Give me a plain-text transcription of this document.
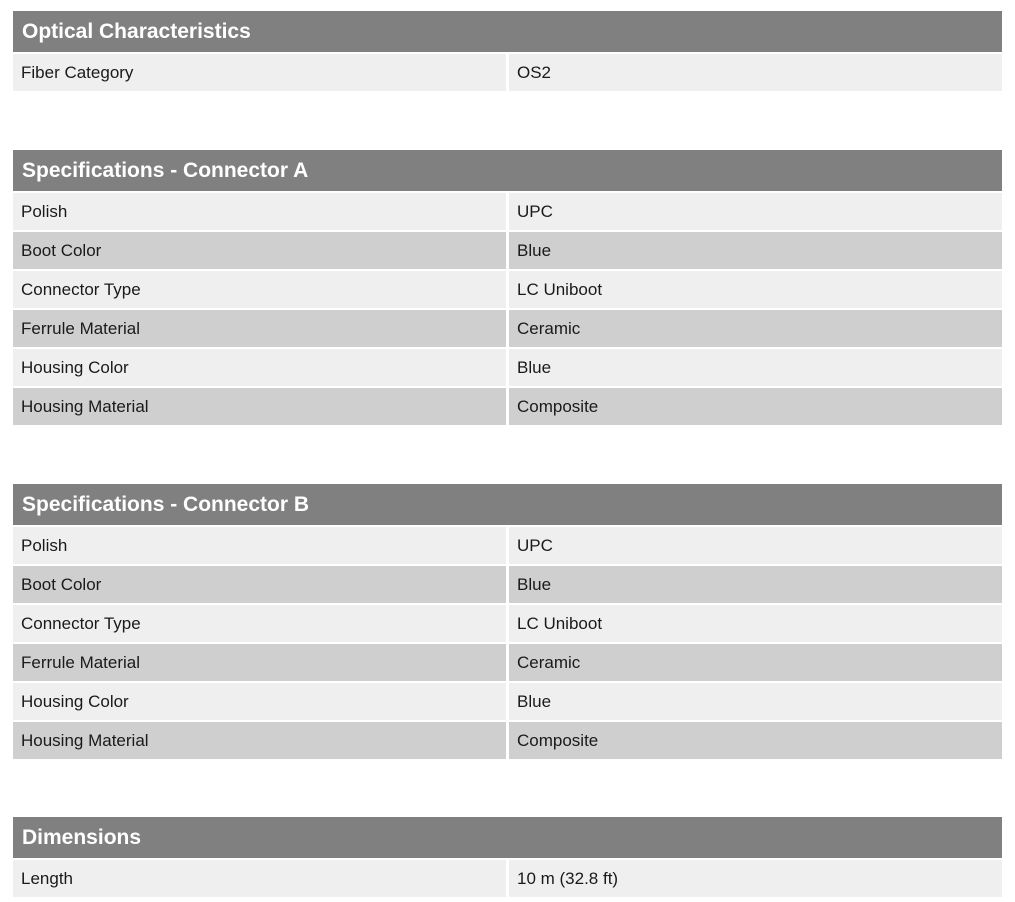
Optical Characteristics
Fiber Category	OS2
Specifications - Connector A
Polish	UPC
Boot Color	Blue
Connector Type	LC Uniboot
Ferrule Material	Ceramic
Housing Color	Blue
Housing Material	Composite
Specifications - Connector B
Polish	UPC
Boot Color	Blue
Connector Type	LC Uniboot
Ferrule Material	Ceramic
Housing Color	Blue
Housing Material	Composite
Dimensions
Length	10 m (32.8 ft)
